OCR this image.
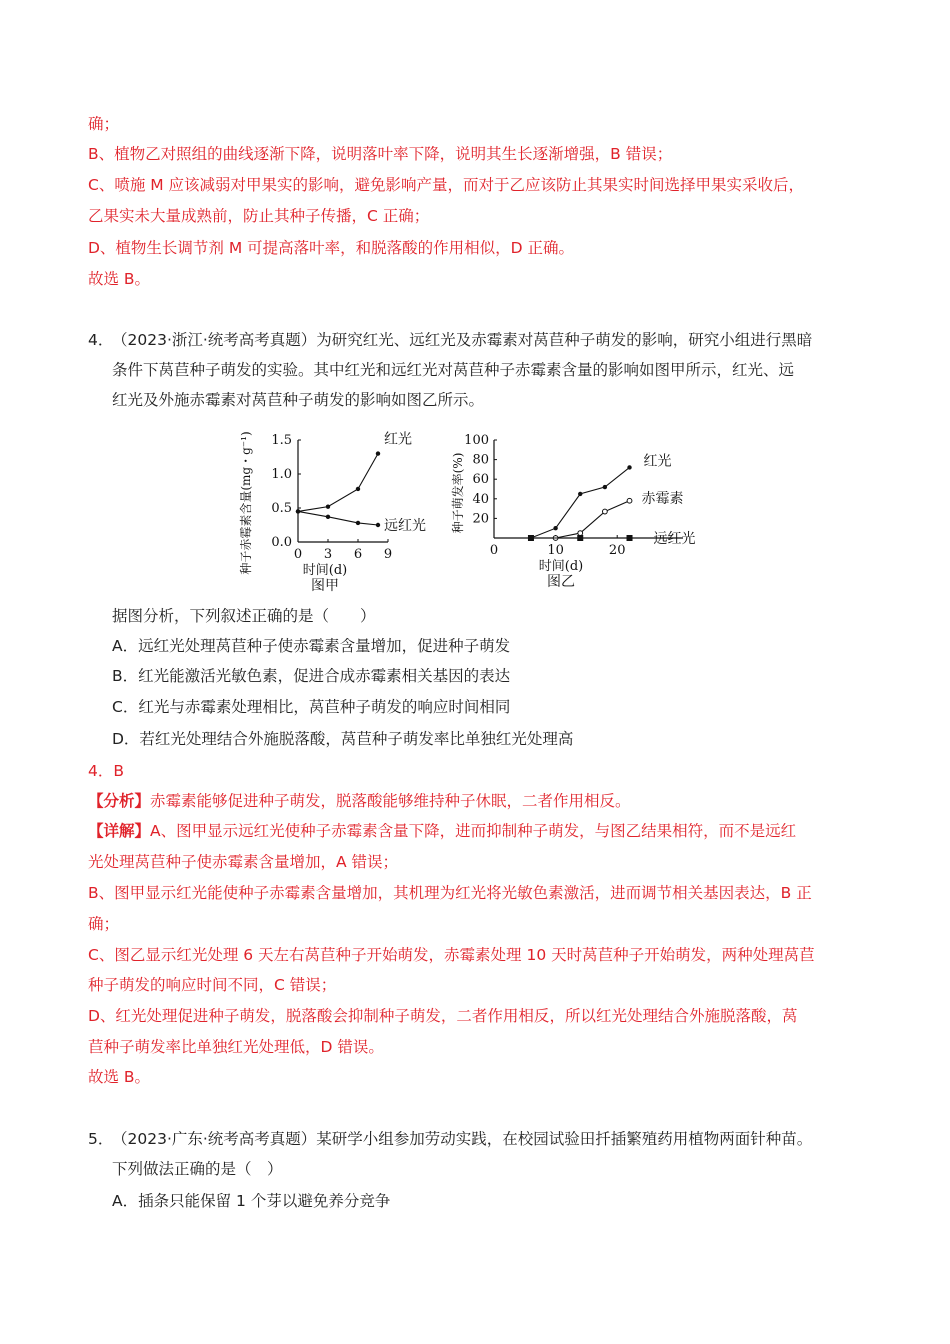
确；
B、植物乙对照组的曲线逐渐下降，说明落叶率下降，说明其生长逐渐增强，B 错误；
C、喷施 M 应该减弱对甲果实的影响，避免影响产量，而对于乙应该防止其果实时间选择甲果实采收后，
乙果实未大量成熟前，防止其种子传播，C 正确；
D、植物生长调节剂 M 可提高落叶率，和脱落酸的作用相似，D 正确。
故选 B。
4．
（2023·浙江·统考高考真题）为研究红光、远红光及赤霉素对莴苣种子萌发的影响，研究小组进行黑暗
条件下莴苣种子萌发的实验。其中红光和远红光对莴苣种子赤霉素含量的影响如图甲所示，红光、远
红光及外施赤霉素对莴苣种子萌发的影响如图乙所示。
0 3 6 9
0.0
0.5
1.0
1.5	红光
远红光
时间(d)
图甲
种子赤霉素含量(mg・g⁻¹)	0	10	20
20
40
60
80
100
红光
赤霉素
远红光
时间(d)
图乙
种子萌发率(%)
据图分析，下列叙述正确的是（　　）
A．远红光处理莴苣种子使赤霉素含量增加，促进种子萌发
B．红光能激活光敏色素，促进合成赤霉素相关基因的表达
C．红光与赤霉素处理相比，莴苣种子萌发的响应时间相同
D．若红光处理结合外施脱落酸，莴苣种子萌发率比单独红光处理高
4．B
【分析】赤霉素能够促进种子萌发，脱落酸能够维持种子休眠，二者作用相反。
【详解】A、图甲显示远红光使种子赤霉素含量下降，进而抑制种子萌发，与图乙结果相符，而不是远红
光处理莴苣种子使赤霉素含量增加，A 错误；
B、图甲显示红光能使种子赤霉素含量增加，其机理为红光将光敏色素激活，进而调节相关基因表达，B 正
确；
C、图乙显示红光处理 6 天左右莴苣种子开始萌发，赤霉素处理 10 天时莴苣种子开始萌发，两种处理莴苣
种子萌发的响应时间不同，C 错误；
D、红光处理促进种子萌发，脱落酸会抑制种子萌发，二者作用相反，所以红光处理结合外施脱落酸，莴
苣种子萌发率比单独红光处理低，D 错误。
故选 B。
5．
（2023·广东·统考高考真题）某研学小组参加劳动实践，在校园试验田扦插繁殖药用植物两面针种苗。
下列做法正确的是（　）
A．插条只能保留 1 个芽以避免养分竞争
